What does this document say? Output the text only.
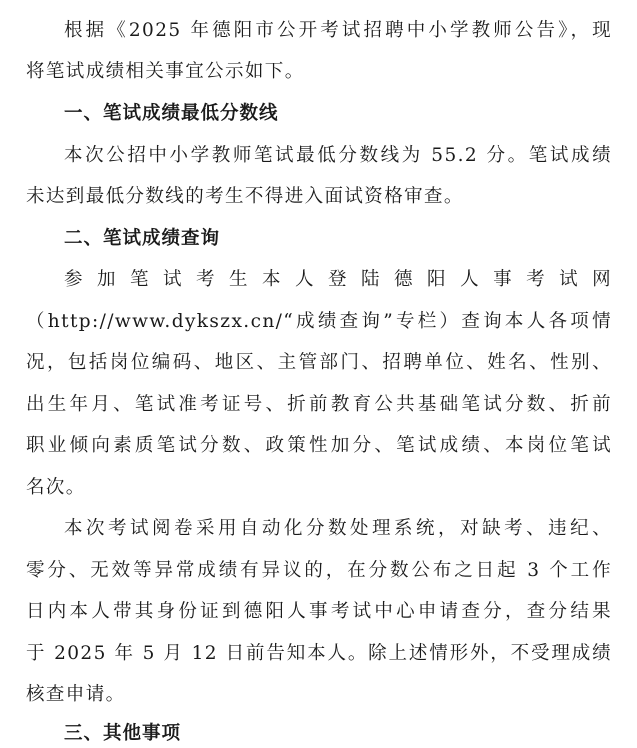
根据《2025 年德阳市公开考试招聘中小学教师公告》，现
将笔试成绩相关事宜公示如下。
一、笔试成绩最低分数线
本次公招中小学教师笔试最低分数线为 55.2 分。笔试成绩
未达到最低分数线的考生不得进入面试资格审查。
二、笔试成绩查询
参加笔试考生本人登陆德阳人事考试网
（http://www.dykszx.cn/“成绩查询”专栏）查询本人各项情
况，包括岗位编码、地区、主管部门、招聘单位、姓名、性别、
出生年月、笔试准考证号、折前教育公共基础笔试分数、折前
职业倾向素质笔试分数、政策性加分、笔试成绩、本岗位笔试
名次。
本次考试阅卷采用自动化分数处理系统，对缺考、违纪、
零分、无效等异常成绩有异议的，在分数公布之日起 3 个工作
日内本人带其身份证到德阳人事考试中心申请查分，查分结果
于 2025 年 5 月 12 日前告知本人。除上述情形外，不受理成绩
核查申请。
三、其他事项
